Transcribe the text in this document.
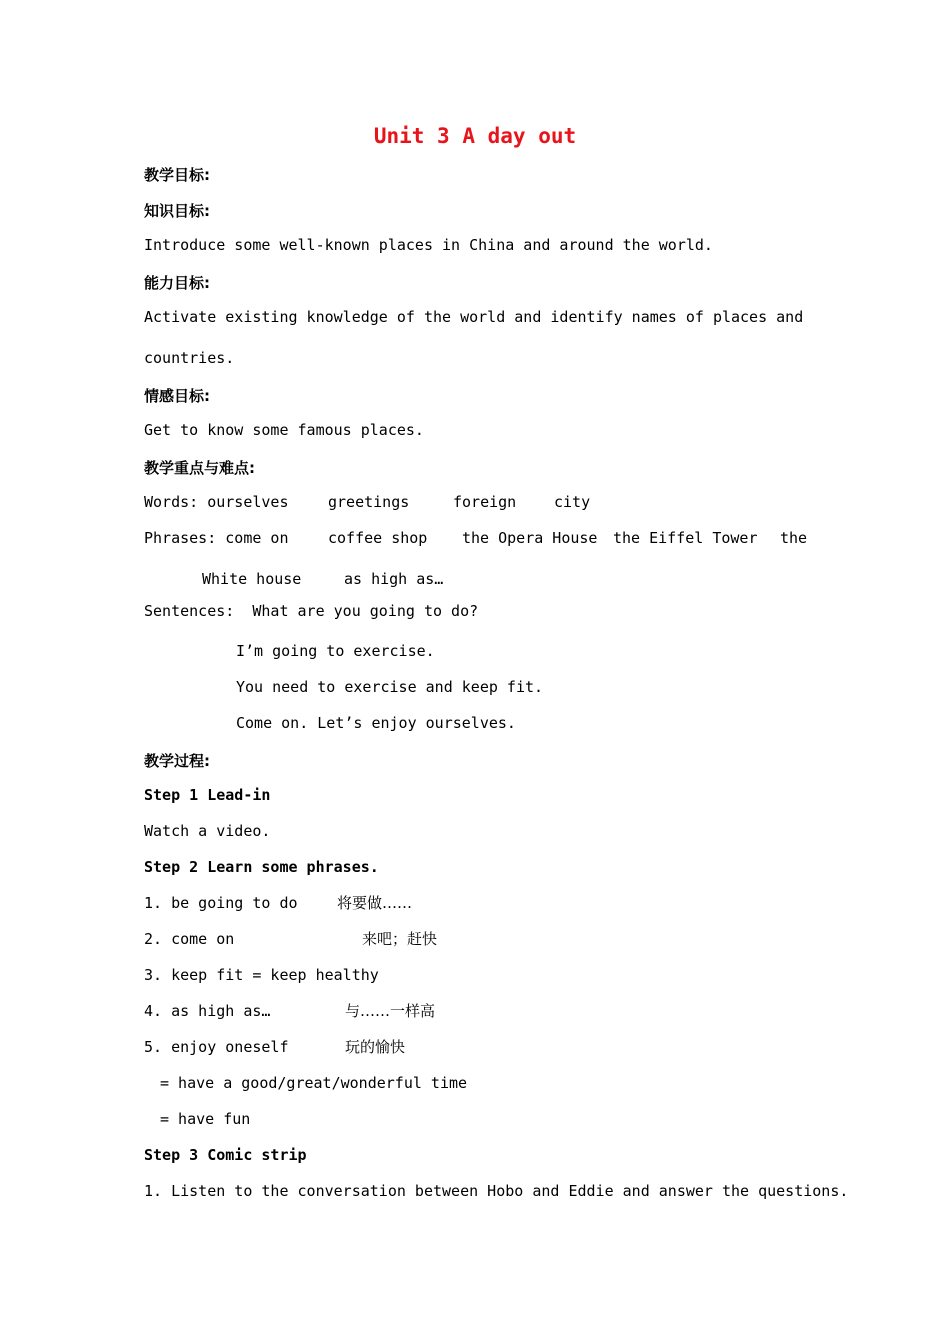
Unit 3 A day out
教学目标:
知识目标:
Introduce some well-known places in China and around the world.
能力目标:
Activate existing knowledge of the world and identify names of places and
countries.
情感目标:
Get to know some famous places.
教学重点与难点:
Words: ourselves	greetings	foreign	city
Phrases: come on	coffee shop the Opera House the Eiffel Tower the
White house	as high as…
Sentences:  What are you going to do?
I’m going to exercise.
You need to exercise and keep fit.
Come on. Let’s enjoy ourselves.
教学过程:
Step 1 Lead-in
Watch a video.
Step 2 Learn some phrases.
1. be going to do	将要做……
2. come on	来吧；赶快
3. keep fit = keep healthy
4. as high as…	与……一样高
5. enjoy oneself	玩的愉快
= have a good/great/wonderful time
= have fun
Step 3 Comic strip
1. Listen to the conversation between Hobo and Eddie and answer the questions.
